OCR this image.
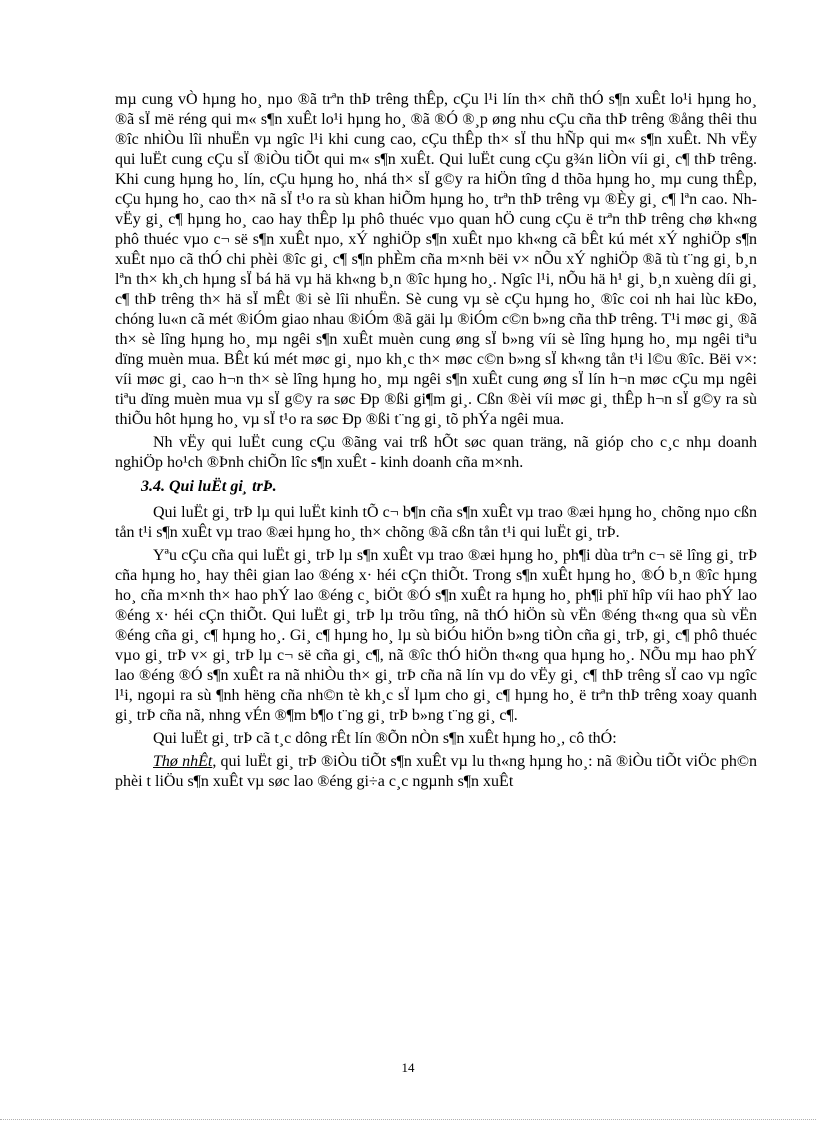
mµ cung vÒ hµng ho¸ nµo ®ã trªn thÞ trêng thÊp, cÇu l¹i lín th× chñ thÓ s¶n xuÊt lo¹i hµng ho¸ ®ã sÏ më réng qui m« s¶n xuÊt lo¹i hµng ho¸ ®ã ®Ó ®¸p øng nhu cÇu cña thÞ trêng ®ång thêi thu ®îc nhiÒu lîi nhuËn vµ ngîc l¹i khi cung cao, cÇu thÊp th× sÏ thu hÑp qui m« s¶n xuÊt. Nh vËy qui luËt cung cÇu sÏ ®iÒu tiÕt qui m« s¶n xuÊt. Qui luËt cung cÇu g¾n liÒn víi gi¸ c¶ thÞ trêng. Khi cung hµng ho¸ lín, cÇu hµng ho¸ nhá th× sÏ g©y ra hiÖn tîng d thõa hµng ho¸ mµ cung thÊp, cÇu hµng ho¸ cao th× nã sÏ t¹o ra sù khan hiÕm hµng ho¸ trªn thÞ trêng vµ ®Èy gi¸ c¶ lªn cao. Nh vËy gi¸ c¶ hµng ho¸ cao hay thÊp lµ phô thuéc vµo quan hÖ cung cÇu ë trªn thÞ trêng chø kh«ng phô thuéc vµo c¬ së s¶n xuÊt nµo, xÝ nghiÖp s¶n xuÊt nµo kh«ng cã bÊt kú mét xÝ nghiÖp s¶n xuÊt nµo cã thÓ chi phèi ®îc gi¸ c¶ s¶n phÈm cña m×nh bëi v× nÕu xÝ nghiÖp ®ã tù t¨ng gi¸ b¸n lªn th× kh¸ch hµng sÏ bá hä vµ hä kh«ng b¸n ®îc hµng ho¸. Ngîc l¹i, nÕu hä h¹ gi¸ b¸n xuèng díi gi¸ c¶ thÞ trêng th× hä sÏ mÊt ®i sè lîi nhuËn. Sè cung vµ sè cÇu hµng ho¸ ®îc coi nh hai lùc kÐo, chóng lu«n cã mét ®iÓm giao nhau ®iÓm ®ã gäi lµ ®iÓm c©n b»ng cña thÞ trêng. T¹i møc gi¸ ®ã th× sè lîng hµng ho¸ mµ ngêi s¶n xuÊt muèn cung øng sÏ b»ng víi sè lîng hµng ho¸ mµ ngêi tiªu dïng muèn mua. BÊt kú mét møc gi¸ nµo kh¸c th× møc c©n b»ng sÏ kh«ng tån t¹i l©u ®îc. Bëi v×: víi møc gi¸ cao h¬n th× sè lîng hµng ho¸ mµ ngêi s¶n xuÊt cung øng sÏ lín h¬n møc cÇu mµ ngêi tiªu dïng muèn mua vµ sÏ g©y ra søc Ðp ®ßi gi¶m gi¸. Cßn ®èi víi møc gi¸ thÊp h¬n sÏ g©y ra sù thiÕu hôt hµng ho¸ vµ sÏ t¹o ra søc Ðp ®ßi t¨ng gi¸ tõ phÝa ngêi mua.

Nh vËy qui luËt cung cÇu ®ãng vai trß hÕt søc quan träng, nã gióp cho c¸c nhµ doanh nghiÖp ho¹ch ®Þnh chiÕn lîc s¶n xuÊt - kinh doanh cña m×nh.

3.4. Qui luËt gi¸ trÞ.

Qui luËt gi¸ trÞ lµ qui luËt kinh tÕ c¬ b¶n cña s¶n xuÊt vµ trao ®æi hµng ho¸ chõng nµo cßn tån t¹i s¶n xuÊt vµ trao ®æi hµng ho¸ th× chõng ®ã cßn tån t¹i qui luËt gi¸ trÞ.

Yªu cÇu cña qui luËt gi¸ trÞ lµ s¶n xuÊt vµ trao ®æi hµng ho¸ ph¶i dùa trªn c¬ së lîng gi¸ trÞ cña hµng ho¸ hay thêi gian lao ®éng x· héi cÇn thiÕt. Trong s¶n xuÊt hµng ho¸ ®Ó b¸n ®îc hµng ho¸ cña m×nh th× hao phÝ lao ®éng c¸ biÖt ®Ó s¶n xuÊt ra hµng ho¸ ph¶i phï hîp víi hao phÝ lao ®éng x· héi cÇn thiÕt. Qui luËt gi¸ trÞ lµ trõu tîng, nã thÓ hiÖn sù vËn ®éng th«ng qua sù vËn ®éng cña gi¸ c¶ hµng ho¸. Gi¸ c¶ hµng ho¸ lµ sù biÓu hiÖn b»ng tiÒn cña gi¸ trÞ, gi¸ c¶ phô thuéc vµo gi¸ trÞ v× gi¸ trÞ lµ c¬ së cña gi¸ c¶, nã ®îc thÓ hiÖn th«ng qua hµng ho¸. NÕu mµ hao phÝ lao ®éng ®Ó s¶n xuÊt ra nã nhiÒu th× gi¸ trÞ cña nã lín vµ do vËy gi¸ c¶ thÞ trêng sÏ cao vµ ngîc l¹i, ngoµi ra sù ¶nh hëng cña nh©n tè kh¸c sÏ lµm cho gi¸ c¶ hµng ho¸ ë trªn thÞ trêng xoay quanh gi¸ trÞ cña nã, nhng vÉn ®¶m b¶o t¨ng gi¸ trÞ b»ng t¨ng gi¸ c¶.

Qui luËt gi¸ trÞ cã t¸c dông rÊt lín ®Õn nÒn s¶n xuÊt hµng ho¸, cô thÓ:

Thø nhÊt, qui luËt gi¸ trÞ ®iÒu tiÕt s¶n xuÊt vµ lu th«ng hµng ho¸: nã ®iÒu tiÕt viÖc ph©n phèi t liÖu s¶n xuÊt vµ søc lao ®éng gi÷a c¸c ngµnh s¶n xuÊt

14
